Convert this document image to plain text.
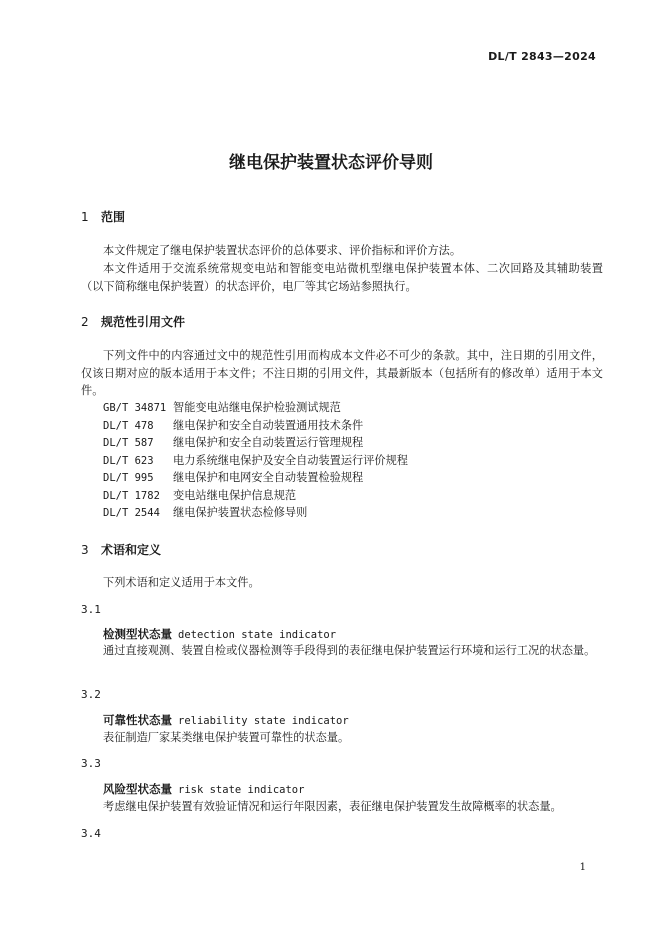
DL/T 2843—2024
继电保护装置状态评价导则
1 范围
本文件规定了继电保护装置状态评价的总体要求、评价指标和评价方法。
本文件适用于交流系统常规变电站和智能变电站微机型继电保护装置本体、二次回路及其辅助装置（以下简称继电保护装置）的状态评价，电厂等其它场站参照执行。
2 规范性引用文件
下列文件中的内容通过文中的规范性引用而构成本文件必不可少的条款。其中，注日期的引用文件，仅该日期对应的版本适用于本文件；不注日期的引用文件，其最新版本（包括所有的修改单）适用于本文件。
GB/T 34871 智能变电站继电保护检验测试规范
DL/T 478 继电保护和安全自动装置通用技术条件
DL/T 587 继电保护和安全自动装置运行管理规程
DL/T 623 电力系统继电保护及安全自动装置运行评价规程
DL/T 995 继电保护和电网安全自动装置检验规程
DL/T 1782 变电站继电保护信息规范
DL/T 2544 继电保护装置状态检修导则
3 术语和定义
下列术语和定义适用于本文件。
3.1
检测型状态量 detection state indicator
通过直接观测、装置自检或仪器检测等手段得到的表征继电保护装置运行环境和运行工况的状态量。
3.2
可靠性状态量 reliability state indicator
表征制造厂家某类继电保护装置可靠性的状态量。
3.3
风险型状态量 risk state indicator
考虑继电保护装置有效验证情况和运行年限因素，表征继电保护装置发生故障概率的状态量。
3.4
1
